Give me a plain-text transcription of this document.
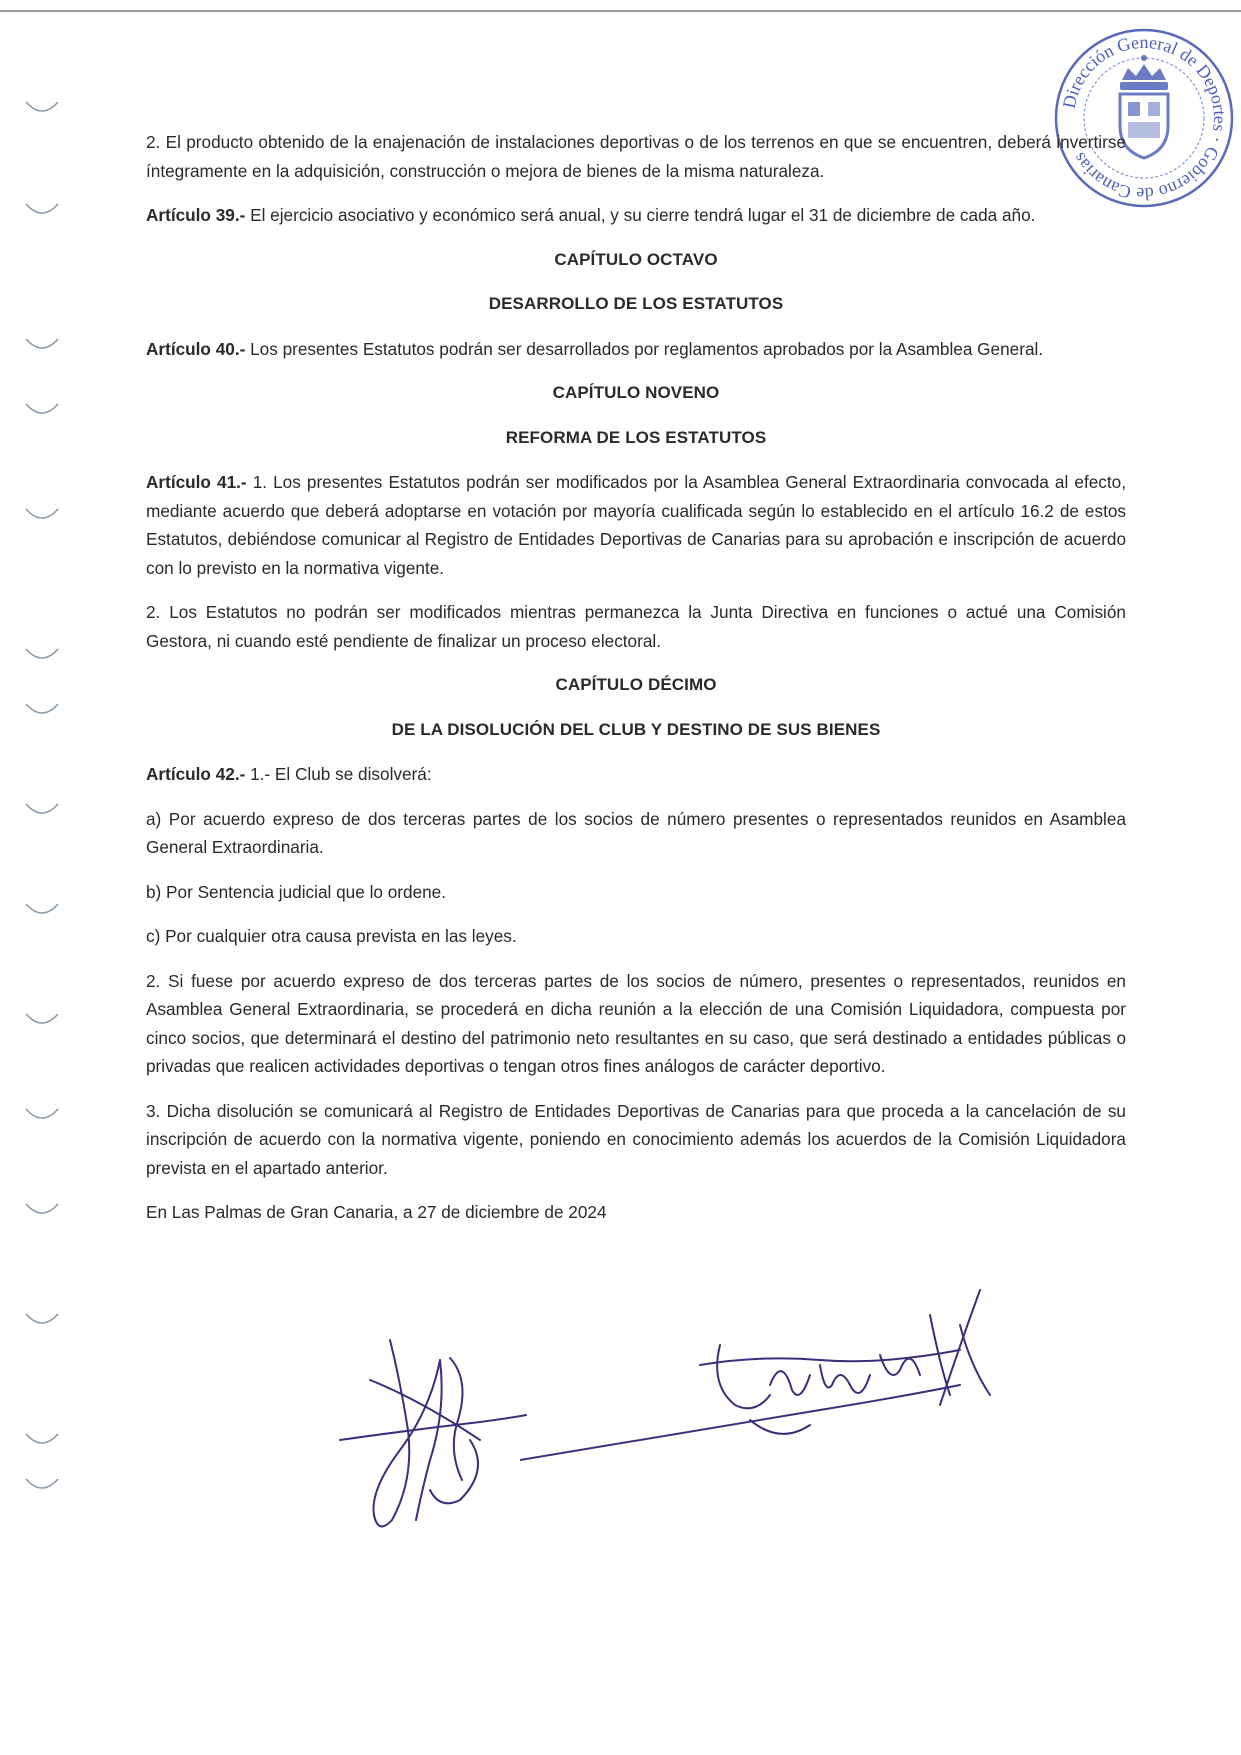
Dirección General de Deportes · Gobierno de Canarias

2. El producto obtenido de la enajenación de instalaciones deportivas o de los terrenos en que se encuentren, deberá invertirse íntegramente en la adquisición, construcción o mejora de bienes de la misma naturaleza.

Artículo 39.- El ejercicio asociativo y económico será anual, y su cierre tendrá lugar el 31 de diciembre de cada año.

CAPÍTULO OCTAVO

DESARROLLO DE LOS ESTATUTOS

Artículo 40.- Los presentes Estatutos podrán ser desarrollados por reglamentos aprobados por la Asamblea General.

CAPÍTULO NOVENO

REFORMA DE LOS ESTATUTOS

Artículo 41.- 1. Los presentes Estatutos podrán ser modificados por la Asamblea General Extraordinaria convocada al efecto, mediante acuerdo que deberá adoptarse en votación por mayoría cualificada según lo establecido en el artículo 16.2 de estos Estatutos, debiéndose comunicar al Registro de Entidades Deportivas de Canarias para su aprobación e inscripción de acuerdo con lo previsto en la normativa vigente.

2. Los Estatutos no podrán ser modificados mientras permanezca la Junta Directiva en funciones o actué una Comisión Gestora, ni cuando esté pendiente de finalizar un proceso electoral.

CAPÍTULO DÉCIMO

DE LA DISOLUCIÓN DEL CLUB Y DESTINO DE SUS BIENES

Artículo 42.- 1.- El Club se disolverá:

a) Por acuerdo expreso de dos terceras partes de los socios de número presentes o representados reunidos en Asamblea General Extraordinaria.

b) Por Sentencia judicial que lo ordene.

c) Por cualquier otra causa prevista en las leyes.

2. Si fuese por acuerdo expreso de dos terceras partes de los socios de número, presentes o representados, reunidos en Asamblea General Extraordinaria, se procederá en dicha reunión a la elección de una Comisión Liquidadora, compuesta por cinco socios, que determinará el destino del patrimonio neto resultantes en su caso, que será destinado a entidades públicas o privadas que realicen actividades deportivas o tengan otros fines análogos de carácter deportivo.

3. Dicha disolución se comunicará al Registro de Entidades Deportivas de Canarias para que proceda a la cancelación de su inscripción de acuerdo con la normativa vigente, poniendo en conocimiento además los acuerdos de la Comisión Liquidadora prevista en el apartado anterior.

En Las Palmas de Gran Canaria, a 27 de diciembre de 2024
